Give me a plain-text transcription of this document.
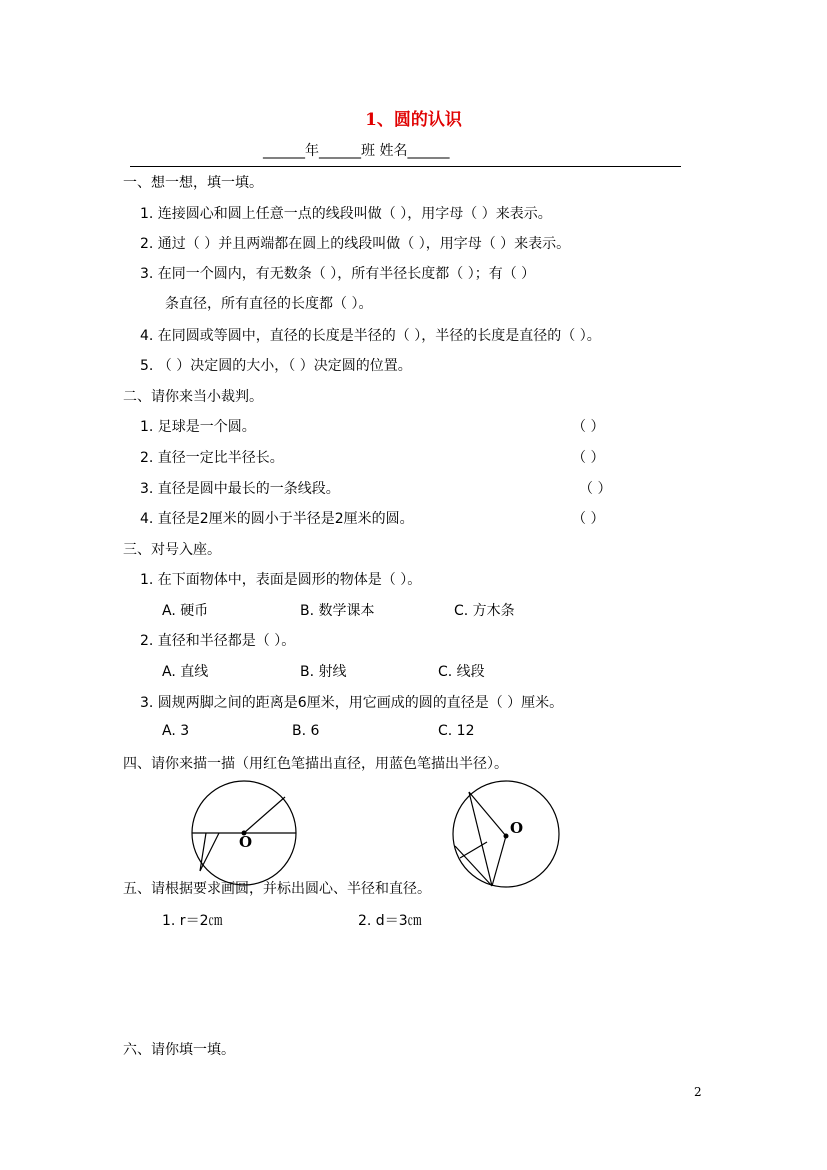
1、圆的认识
______年______班 姓名______
一、想一想，填一填。
1. 连接圆心和圆上任意一点的线段叫做（ ），用字母（ ）来表示。
2. 通过（ ）并且两端都在圆上的线段叫做（ ），用字母（ ）来表示。
3. 在同一个圆内，有无数条（ ），所有半径长度都（ ）；有（ ）
条直径，所有直径的长度都（ ）。
4. 在同圆或等圆中，直径的长度是半径的（ ），半径的长度是直径的（ ）。
5. （ ）决定圆的大小，（ ）决定圆的位置。
二、请你来当小裁判。
1. 足球是一个圆。	（ ）
2. 直径一定比半径长。	（ ）
3. 直径是圆中最长的一条线段。	（ ）
4. 直径是2厘米的圆小于半径是2厘米的圆。	（ ）
三、对号入座。
1. 在下面物体中，表面是圆形的物体是（ ）。
A. 硬币	B. 数学课本	C. 方木条
2. 直径和半径都是（ ）。
A. 直线	B. 射线	C. 线段
3. 圆规两脚之间的距离是6厘米，用它画成的圆的直径是（ ）厘米。
A. 3	B. 6	C. 12
四、请你来描一描（用红色笔描出直径，用蓝色笔描出半径）。
O
O
五、请根据要求画圆，并标出圆心、半径和直径。
1. r＝2㎝	2. d＝3㎝
六、请你填一填。
2
